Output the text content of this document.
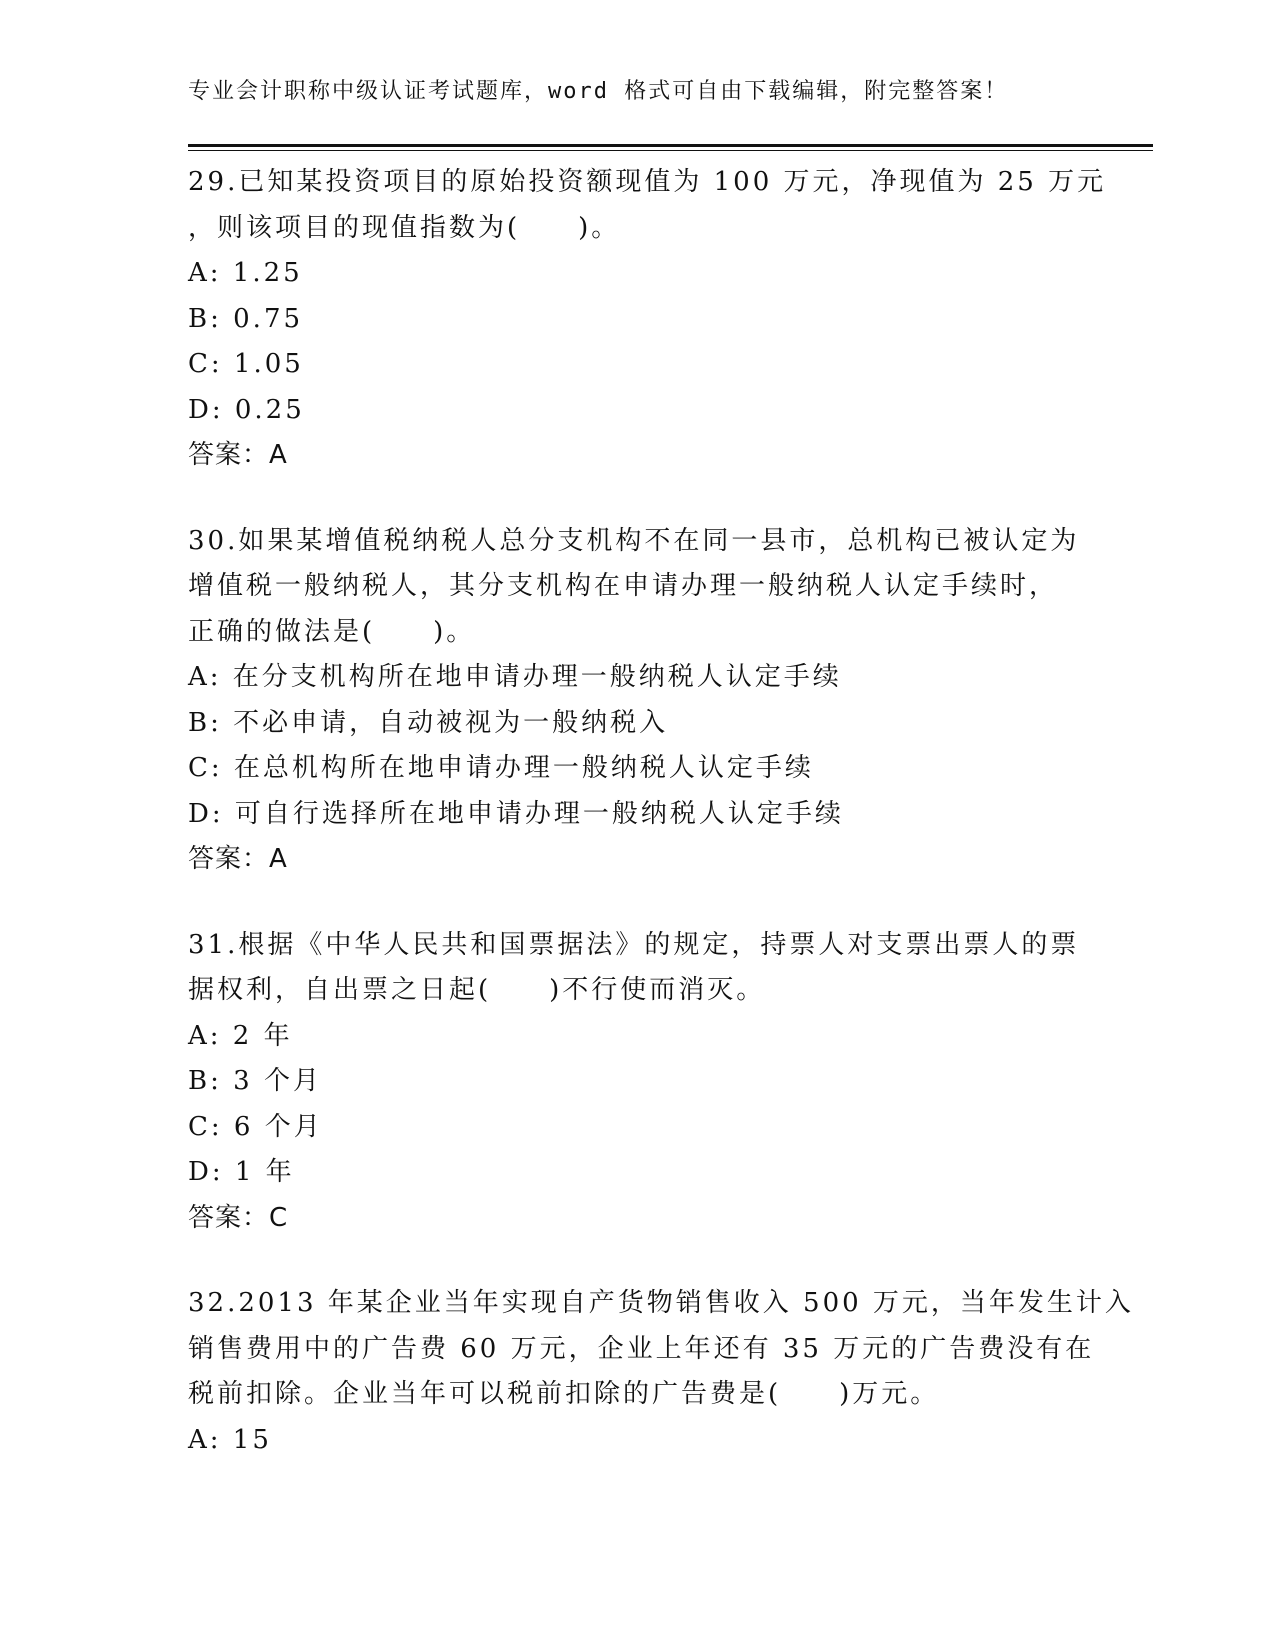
专业会计职称中级认证考试题库，word 格式可自由下载编辑，附完整答案！
29.已知某投资项目的原始投资额现值为 100 万元，净现值为 25 万元
，则该项目的现值指数为(　　)。
A: 1.25
B: 0.75
C: 1.05
D: 0.25
答案：A
30.如果某增值税纳税人总分支机构不在同一县市，总机构已被认定为
增值税一般纳税人，其分支机构在申请办理一般纳税人认定手续时，
正确的做法是(　　)。
A: 在分支机构所在地申请办理一般纳税人认定手续
B: 不必申请，自动被视为一般纳税入
C: 在总机构所在地申请办理一般纳税人认定手续
D: 可自行选择所在地申请办理一般纳税人认定手续
答案：A
31.根据《中华人民共和国票据法》的规定，持票人对支票出票人的票
据权利，自出票之日起(　　)不行使而消灭。
A: 2 年
B: 3 个月
C: 6 个月
D: 1 年
答案：C
32.2013 年某企业当年实现自产货物销售收入 500 万元，当年发生计入
销售费用中的广告费 60 万元，企业上年还有 35 万元的广告费没有在
税前扣除。企业当年可以税前扣除的广告费是(　　)万元。
A: 15
